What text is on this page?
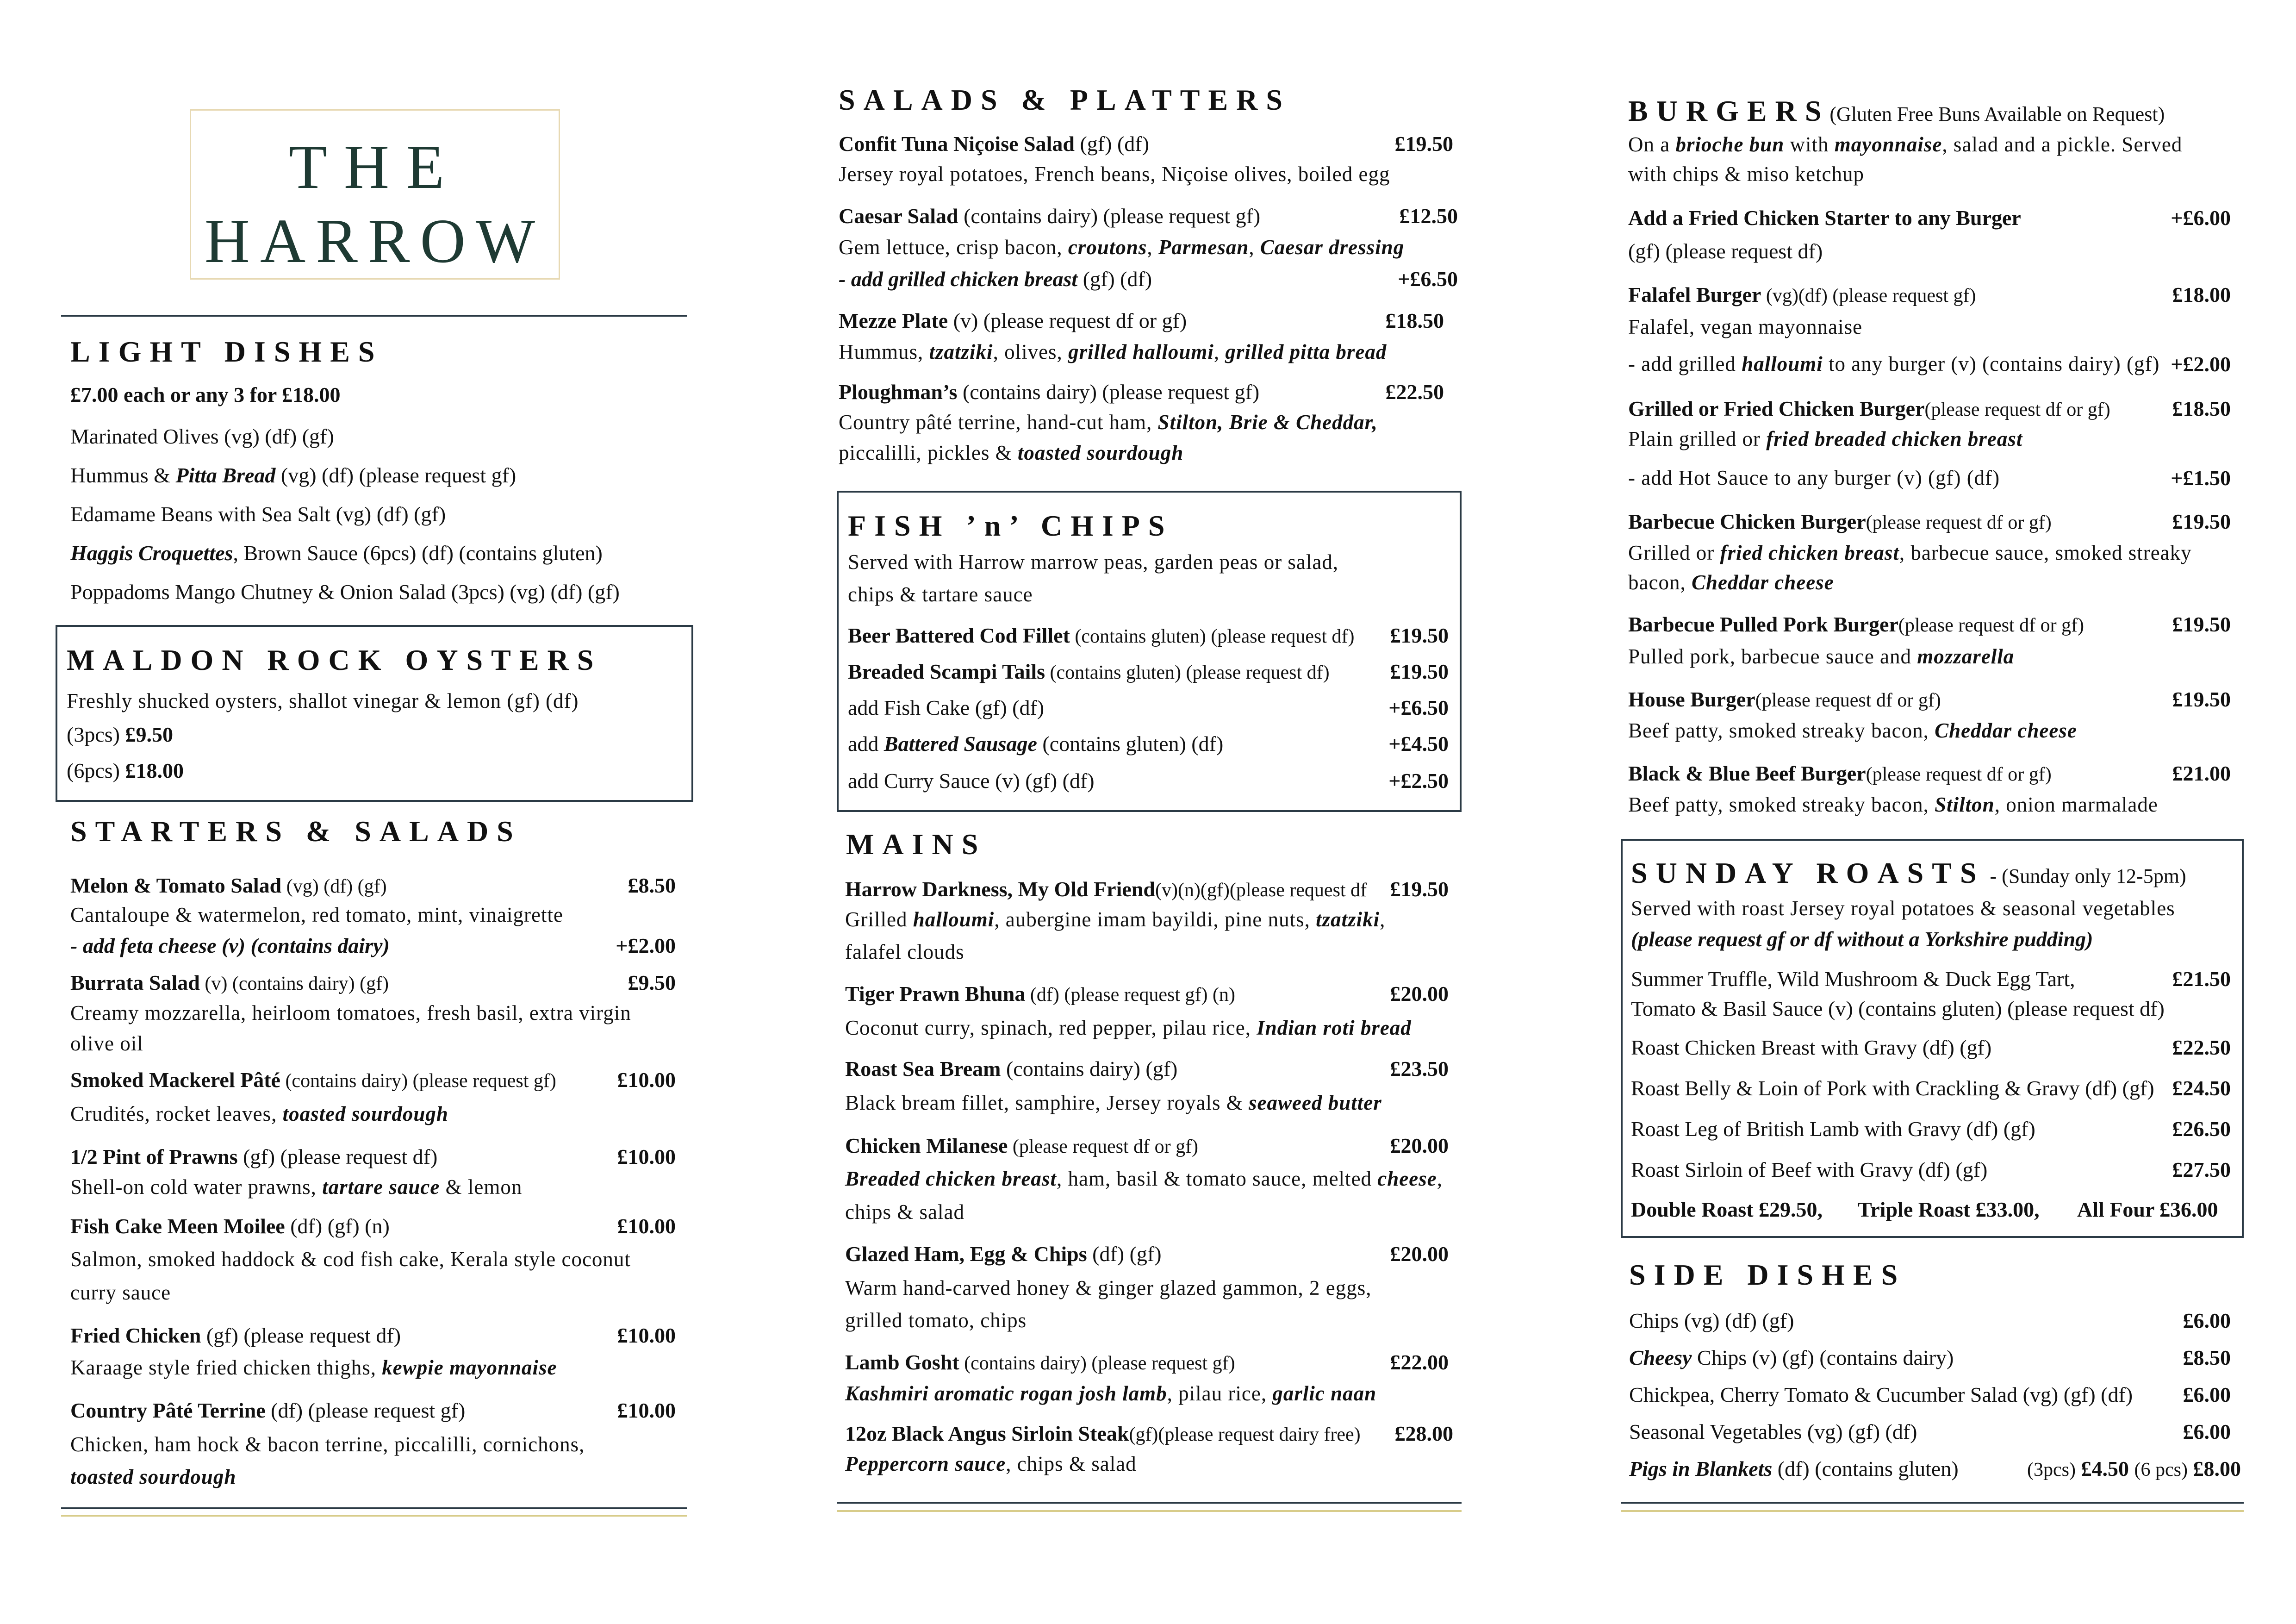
THE
HARROW
LIGHT DISHES
£7.00 each or any 3 for £18.00
Marinated Olives (vg) (df) (gf)
Hummus & Pitta Bread (vg) (df) (please request gf)
Edamame Beans with Sea Salt (vg) (df) (gf)
Haggis Croquettes, Brown Sauce (6pcs) (df) (contains gluten)
Poppadoms Mango Chutney & Onion Salad (3pcs) (vg) (df) (gf)
MALDON ROCK OYSTERS
Freshly shucked oysters, shallot vinegar & lemon (gf) (df)
(3pcs) £9.50
(6pcs) £18.00
STARTERS & SALADS
Melon & Tomato Salad (vg) (df) (gf)	£8.50
Cantaloupe & watermelon, red tomato, mint, vinaigrette
- add feta cheese (v) (contains dairy)	+£2.00
Burrata Salad (v) (contains dairy) (gf)	£9.50
Creamy mozzarella, heirloom tomatoes, fresh basil, extra virgin
olive oil
Smoked Mackerel Pâté (contains dairy) (please request gf)	£10.00
Crudités, rocket leaves, toasted sourdough
1/2 Pint of Prawns (gf) (please request df)	£10.00
Shell-on cold water prawns, tartare sauce & lemon
Fish Cake Meen Moilee (df) (gf) (n)	£10.00
Salmon, smoked haddock & cod fish cake, Kerala style coconut
curry sauce
Fried Chicken (gf) (please request df)	£10.00
Karaage style fried chicken thighs, kewpie mayonnaise
Country Pâté Terrine (df) (please request gf)	£10.00
Chicken, ham hock & bacon terrine, piccalilli, cornichons,
toasted sourdough
SALADS & PLATTERS
Confit Tuna Niçoise Salad (gf) (df)	£19.50
Jersey royal potatoes, French beans, Niçoise olives, boiled egg
Caesar Salad (contains dairy) (please request gf)	£12.50
Gem lettuce, crisp bacon, croutons, Parmesan, Caesar dressing
- add grilled chicken breast (gf) (df)	+£6.50
Mezze Plate (v) (please request df or gf)	£18.50
Hummus, tzatziki, olives, grilled halloumi, grilled pitta bread
Ploughman’s (contains dairy) (please request gf)	£22.50
Country pâté terrine, hand-cut ham, Stilton, Brie & Cheddar,
piccalilli, pickles & toasted sourdough
FISH ’n’ CHIPS
Served with Harrow marrow peas, garden peas or salad,
chips & tartare sauce
Beer Battered Cod Fillet (contains gluten) (please request df)	£19.50
Breaded Scampi Tails (contains gluten) (please request df)	£19.50
add Fish Cake (gf) (df)	+£6.50
add Battered Sausage (contains gluten) (df)	+£4.50
add Curry Sauce (v) (gf) (df)	+£2.50
MAINS
Harrow Darkness, My Old Friend(v)(n)(gf)(please request df	£19.50
Grilled halloumi, aubergine imam bayildi, pine nuts, tzatziki,
falafel clouds
Tiger Prawn Bhuna (df) (please request gf) (n)	£20.00
Coconut curry, spinach, red pepper, pilau rice, Indian roti bread
Roast Sea Bream (contains dairy) (gf)	£23.50
Black bream fillet, samphire, Jersey royals & seaweed butter
Chicken Milanese (please request df or gf)	£20.00
Breaded chicken breast, ham, basil & tomato sauce, melted cheese,
chips & salad
Glazed Ham, Egg & Chips (df) (gf)	£20.00
Warm hand-carved honey & ginger glazed gammon, 2 eggs,
grilled tomato, chips
Lamb Gosht (contains dairy) (please request gf)	£22.00
Kashmiri aromatic rogan josh lamb, pilau rice, garlic naan
12oz Black Angus Sirloin Steak(gf)(please request dairy free)	£28.00
Peppercorn sauce, chips & salad
BURGERS(Gluten Free Buns Available on Request)
On a brioche bun with mayonnaise, salad and a pickle. Served
with chips & miso ketchup
Add a Fried Chicken Starter to any Burger	+£6.00
(gf) (please request df)
Falafel Burger (vg)(df) (please request gf)	£18.00
Falafel, vegan mayonnaise
- add grilled halloumi to any burger (v) (contains dairy) (gf) +£2.00
Grilled or Fried Chicken Burger(please request df or gf)	£18.50
Plain grilled or fried breaded chicken breast
- add Hot Sauce to any burger (v) (gf) (df)	+£1.50
Barbecue Chicken Burger(please request df or gf)	£19.50
Grilled or fried chicken breast, barbecue sauce, smoked streaky
bacon, Cheddar cheese
Barbecue Pulled Pork Burger(please request df or gf)	£19.50
Pulled pork, barbecue sauce and mozzarella
House Burger(please request df or gf)	£19.50
Beef patty, smoked streaky bacon, Cheddar cheese
Black & Blue Beef Burger(please request df or gf)	£21.00
Beef patty, smoked streaky bacon, Stilton, onion marmalade
SUNDAY ROASTS - (Sunday only 12-5pm)
Served with roast Jersey royal potatoes & seasonal vegetables
(please request gf or df without a Yorkshire pudding)
Summer Truffle, Wild Mushroom & Duck Egg Tart,	£21.50
Tomato & Basil Sauce (v) (contains gluten) (please request df)
Roast Chicken Breast with Gravy (df) (gf)	£22.50
Roast Belly & Loin of Pork with Crackling & Gravy (df) (gf) £24.50
Roast Leg of British Lamb with Gravy (df) (gf)	£26.50
Roast Sirloin of Beef with Gravy (df) (gf)	£27.50
Double Roast £29.50, Triple Roast £33.00, All Four £36.00
SIDE DISHES
Chips (vg) (df) (gf)	£6.00
Cheesy Chips (v) (gf) (contains dairy)	£8.50
Chickpea, Cherry Tomato & Cucumber Salad (vg) (gf) (df)	£6.00
Seasonal Vegetables (vg) (gf) (df)	£6.00
Pigs in Blankets (df) (contains gluten)	(3pcs) £4.50 (6 pcs) £8.00
